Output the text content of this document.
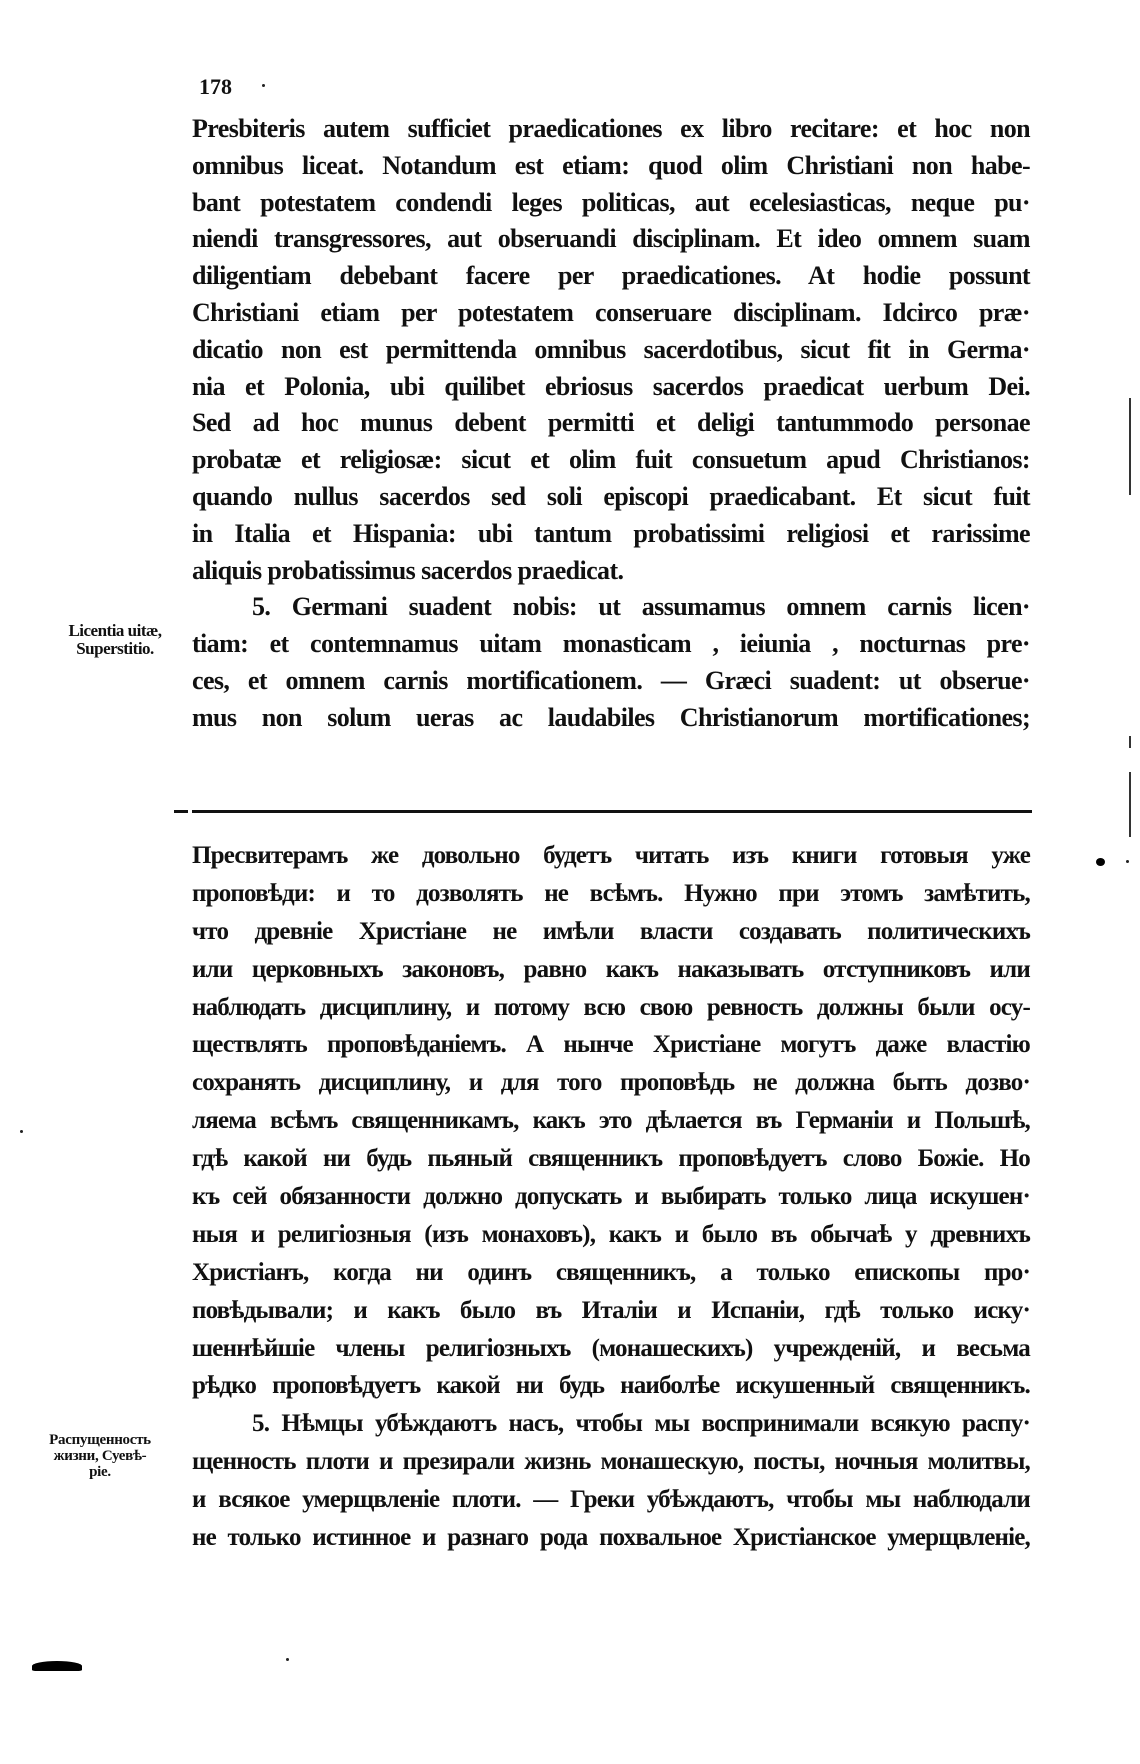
178
Presbiteris autem sufficiet praedicationes ex libro recitare: et hoc non
omnibus liceat. Notandum est etiam: quod olim Christiani non habe-
bant potestatem condendi leges politicas, aut ecelesiasticas, neque pu·
niendi transgressores, aut obseruandi disciplinam. Et ideo omnem suam
diligentiam debebant facere per praedicationes. At hodie possunt
Christiani etiam per potestatem conseruare disciplinam. Idcirco præ·
dicatio non est permittenda omnibus sacerdotibus, sicut fit in Germa·
nia et Polonia, ubi quilibet ebriosus sacerdos praedicat uerbum Dei.
Sed ad hoc munus debent permitti et deligi tantummodo personae
probatæ et religiosæ: sicut et olim fuit consuetum apud Christianos:
quando nullus sacerdos sed soli episcopi praedicabant. Et sicut fuit
in Italia et Hispania: ubi tantum probatissimi religiosi et rarissime
aliquis probatissimus sacerdos praedicat.
5. Germani suadent nobis: ut assumamus omnem carnis licen·
tiam: et contemnamus uitam monasticam , ieiunia , nocturnas pre·
ces, et omnem carnis mortificationem. — Græci suadent: ut obserue·
mus non solum ueras ac laudabiles Christianorum mortificationes;
Licentia uitæ,
Superstitio.
Пресвитерамъ же довольно будетъ читать изъ книги готовыя уже
проповѣди: и то дозволять не всѣмъ. Нужно при этомъ замѣтить,
что древніе Христіане не имѣли власти создавать политическихъ
или церковныхъ законовъ, равно какъ наказывать отступниковъ или
наблюдать дисциплину, и потому всю свою ревность должны были осу-
ществлять проповѣданіемъ. А нынче Христіане могутъ даже властію
сохранять дисциплину, и для того проповѣдь не должна быть дозво·
ляема всѣмъ священникамъ, какъ это дѣлается въ Германіи и Польшѣ,
гдѣ какой ни будь пьяный священникъ проповѣдуетъ слово Божіе. Но
къ сей обязанности должно допускать и выбирать только лица искушен·
ныя и религіозныя (изъ монаховъ), какъ и было въ обычаѣ у древнихъ
Христіанъ, когда ни одинъ священникъ, а только епископы про·
повѣдывали; и какъ было въ Италіи и Испаніи, гдѣ только иску·
шеннѣйшіе члены религіозныхъ (монашескихъ) учрежденій, и весьма
рѣдко проповѣдуетъ какой ни будь наиболѣе искушенный священникъ.
5. Нѣмцы убѣждаютъ насъ, чтобы мы воспринимали всякую распу·
щенность плоти и презирали жизнь монашескую, посты, ночныя молитвы,
и всякое умерщвленіе плоти. — Греки убѣждаютъ, чтобы мы наблюдали
не только истинное и разнаго рода похвальное Христіанское умерщвленіе,
Распущенность
жизни, Суевѣ-
ріе.
